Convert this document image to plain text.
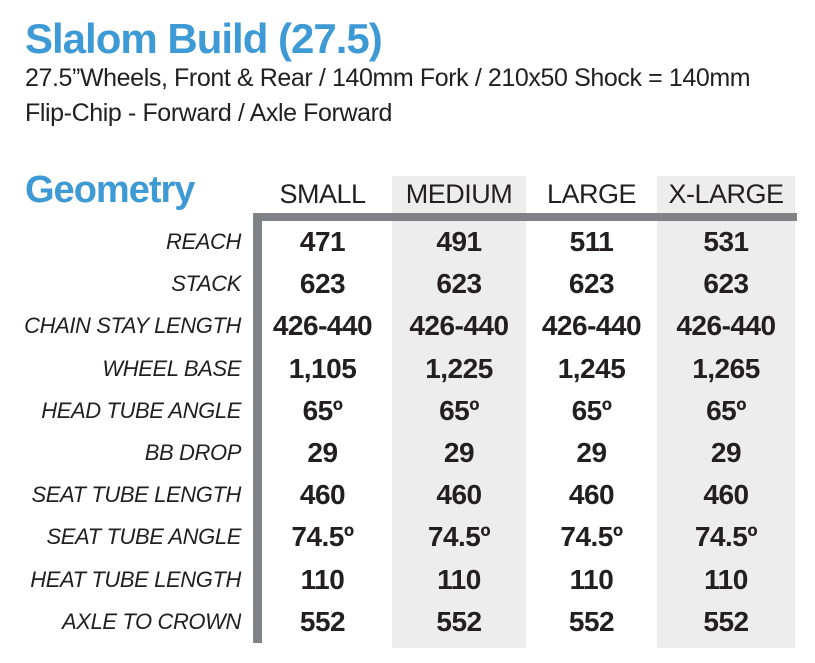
Slalom Build (27.5)
27.5”Wheels, Front & Rear / 140mm Fork / 210x50 Shock = 140mm
Flip-Chip - Forward / Axle Forward
Geometry	SMALL	MEDIUM	LARGE	X-LARGE
REACH	471	491	511	531
STACK	623	623	623	623
CHAIN STAY LENGTH	426-440	426-440	426-440	426-440
WHEEL BASE	1,105	1,225	1,245	1,265
HEAD TUBE ANGLE	65º	65º	65º	65º
BB DROP	29	29	29	29
SEAT TUBE LENGTH	460	460	460	460
SEAT TUBE ANGLE	74.5º	74.5º	74.5º	74.5º
HEAT TUBE LENGTH	110	110	110	110
AXLE TO CROWN	552	552	552	552
